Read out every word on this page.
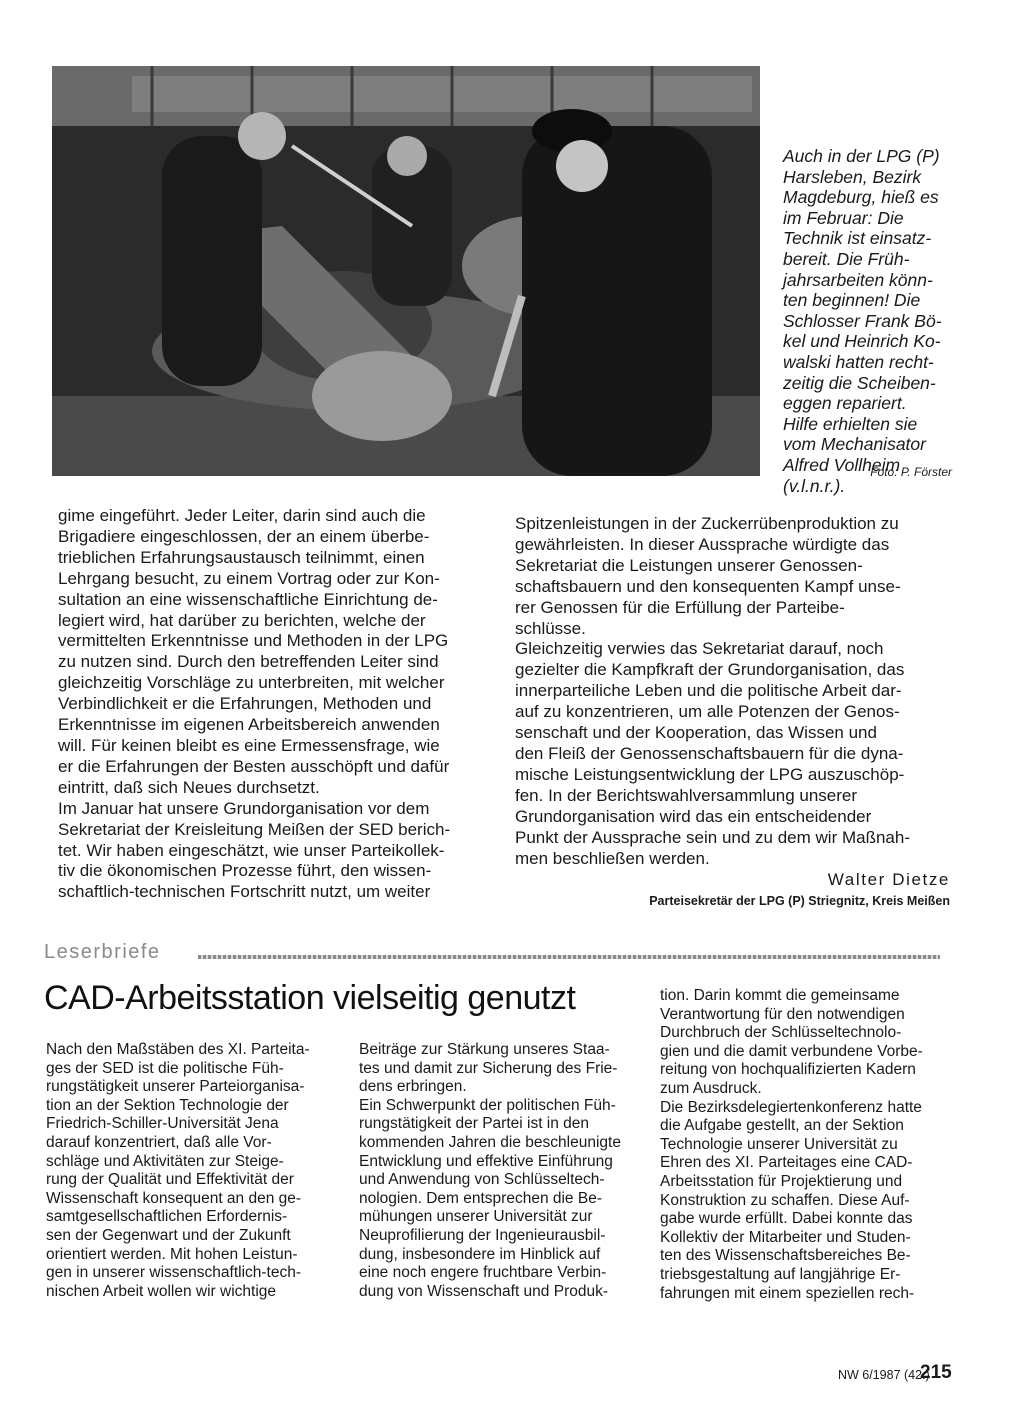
Auch in der LPG (P)
Harsleben, Bezirk
Magdeburg, hieß es
im Februar: Die
Technik ist einsatz-
bereit. Die Früh-
jahrsarbeiten könn-
ten beginnen! Die
Schlosser Frank Bö-
kel und Heinrich Ko-
walski hatten recht-
zeitig die Scheiben-
eggen repariert.
Hilfe erhielten sie
vom Mechanisator
Alfred Vollheim
(v.l.n.r.).
Foto: P. Förster
gime eingeführt. Jeder Leiter, darin sind auch die
Brigadiere eingeschlossen, der an einem überbe-
trieblichen Erfahrungsaustausch teilnimmt, einen
Lehrgang besucht, zu einem Vortrag oder zur Kon-
sultation an eine wissenschaftliche Einrichtung de-
legiert wird, hat darüber zu berichten, welche der
vermittelten Erkenntnisse und Methoden in der LPG
zu nutzen sind. Durch den betreffenden Leiter sind
gleichzeitig Vorschläge zu unterbreiten, mit welcher
Verbindlichkeit er die Erfahrungen, Methoden und
Erkenntnisse im eigenen Arbeitsbereich anwenden
will. Für keinen bleibt es eine Ermessensfrage, wie
er die Erfahrungen der Besten ausschöpft und dafür
eintritt, daß sich Neues durchsetzt.
Im Januar hat unsere Grundorganisation vor dem
Sekretariat der Kreisleitung Meißen der SED berich-
tet. Wir haben eingeschätzt, wie unser Parteikollek-
tiv die ökonomischen Prozesse führt, den wissen-
schaftlich-technischen Fortschritt nutzt, um weiter
Spitzenleistungen in der Zuckerrübenproduktion zu
gewährleisten. In dieser Aussprache würdigte das
Sekretariat die Leistungen unserer Genossen-
schaftsbauern und den konsequenten Kampf unse-
rer Genossen für die Erfüllung der Parteibe-
schlüsse.
Gleichzeitig verwies das Sekretariat darauf, noch
gezielter die Kampfkraft der Grundorganisation, das
innerparteiliche Leben und die politische Arbeit dar-
auf zu konzentrieren, um alle Potenzen der Genos-
senschaft und der Kooperation, das Wissen und
den Fleiß der Genossenschaftsbauern für die dyna-
mische Leistungsentwicklung der LPG auszuschöp-
fen. In der Berichtswahlversammlung unserer
Grundorganisation wird das ein entscheidender
Punkt der Aussprache sein und zu dem wir Maßnah-
men beschließen werden.
Walter Dietze
Parteisekretär der LPG (P) Striegnitz, Kreis Meißen
Leserbriefe
CAD-Arbeitsstation vielseitig genutzt
Nach den Maßstäben des XI. Parteita-
ges der SED ist die politische Füh-
rungstätigkeit unserer Parteiorganisa-
tion an der Sektion Technologie der
Friedrich-Schiller-Universität Jena
darauf konzentriert, daß alle Vor-
schläge und Aktivitäten zur Steige-
rung der Qualität und Effektivität der
Wissenschaft konsequent an den ge-
samtgesellschaftlichen Erfordernis-
sen der Gegenwart und der Zukunft
orientiert werden. Mit hohen Leistun-
gen in unserer wissenschaftlich-tech-
nischen Arbeit wollen wir wichtige
Beiträge zur Stärkung unseres Staa-
tes und damit zur Sicherung des Frie-
dens erbringen.
Ein Schwerpunkt der politischen Füh-
rungstätigkeit der Partei ist in den
kommenden Jahren die beschleunigte
Entwicklung und effektive Einführung
und Anwendung von Schlüsseltech-
nologien. Dem entsprechen die Be-
mühungen unserer Universität zur
Neuprofilierung der Ingenieurausbil-
dung, insbesondere im Hinblick auf
eine noch engere fruchtbare Verbin-
dung von Wissenschaft und Produk-
tion. Darin kommt die gemeinsame
Verantwortung für den notwendigen
Durchbruch der Schlüsseltechnolo-
gien und die damit verbundene Vorbe-
reitung von hochqualifizierten Kadern
zum Ausdruck.
Die Bezirksdelegiertenkonferenz hatte
die Aufgabe gestellt, an der Sektion
Technologie unserer Universität zu
Ehren des XI. Parteitages eine CAD-
Arbeitsstation für Projektierung und
Konstruktion zu schaffen. Diese Auf-
gabe wurde erfüllt. Dabei konnte das
Kollektiv der Mitarbeiter und Studen-
ten des Wissenschaftsbereiches Be-
triebsgestaltung auf langjährige Er-
fahrungen mit einem speziellen rech-
NW 6/1987 (42.)
215
